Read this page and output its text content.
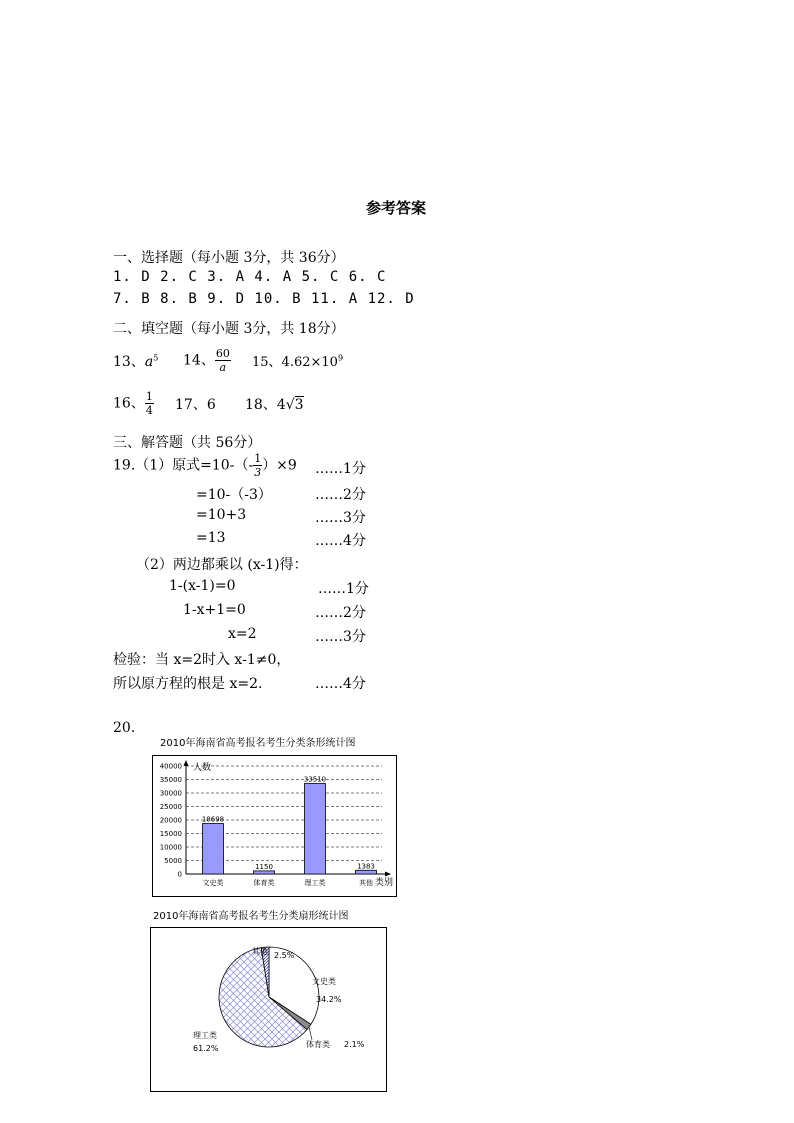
参考答案
一、选择题（每小题 3分，共 36分）
1. D 2. C 3. A 4. A 5. C 6. C
7. B 8. B 9. D 10. B 11. A 12. D
二、填空题（每小题 3分，共 18分）
13、$a^5$ 14、 $\frac{60}{a} 15$、$4.62\times 10^9$
16、 $\frac{1}{4} 17$、6 18、4√3
三、解答题（共 56分）
19.（1）原式$=10-(- \frac{1}{3} )\times 9$ ……1分
=10-（-3）	……2分
=10+3	……3分
=13	……4分
（2）两边都乘以 (x-1)得：
1-(x-1)=0	……1分
1-x+1=0	……2分
x=2	……3分
检验：当 x=2时入 x-1≠0，
所以原方程的根是 x=2.	……4分
20.
2010年海南省高考报名考生分类条形统计图
0
5000
10000
15000
20000
25000
30000
35000
40000
18698
1150
33510
1383
文史类	体育类	理工类	其他
人数
类别
2010年海南省高考报名考生分类扇形统计图
文史类
34.2%
体育类 2.1%
理工类
61.2%
其他 2.5%
